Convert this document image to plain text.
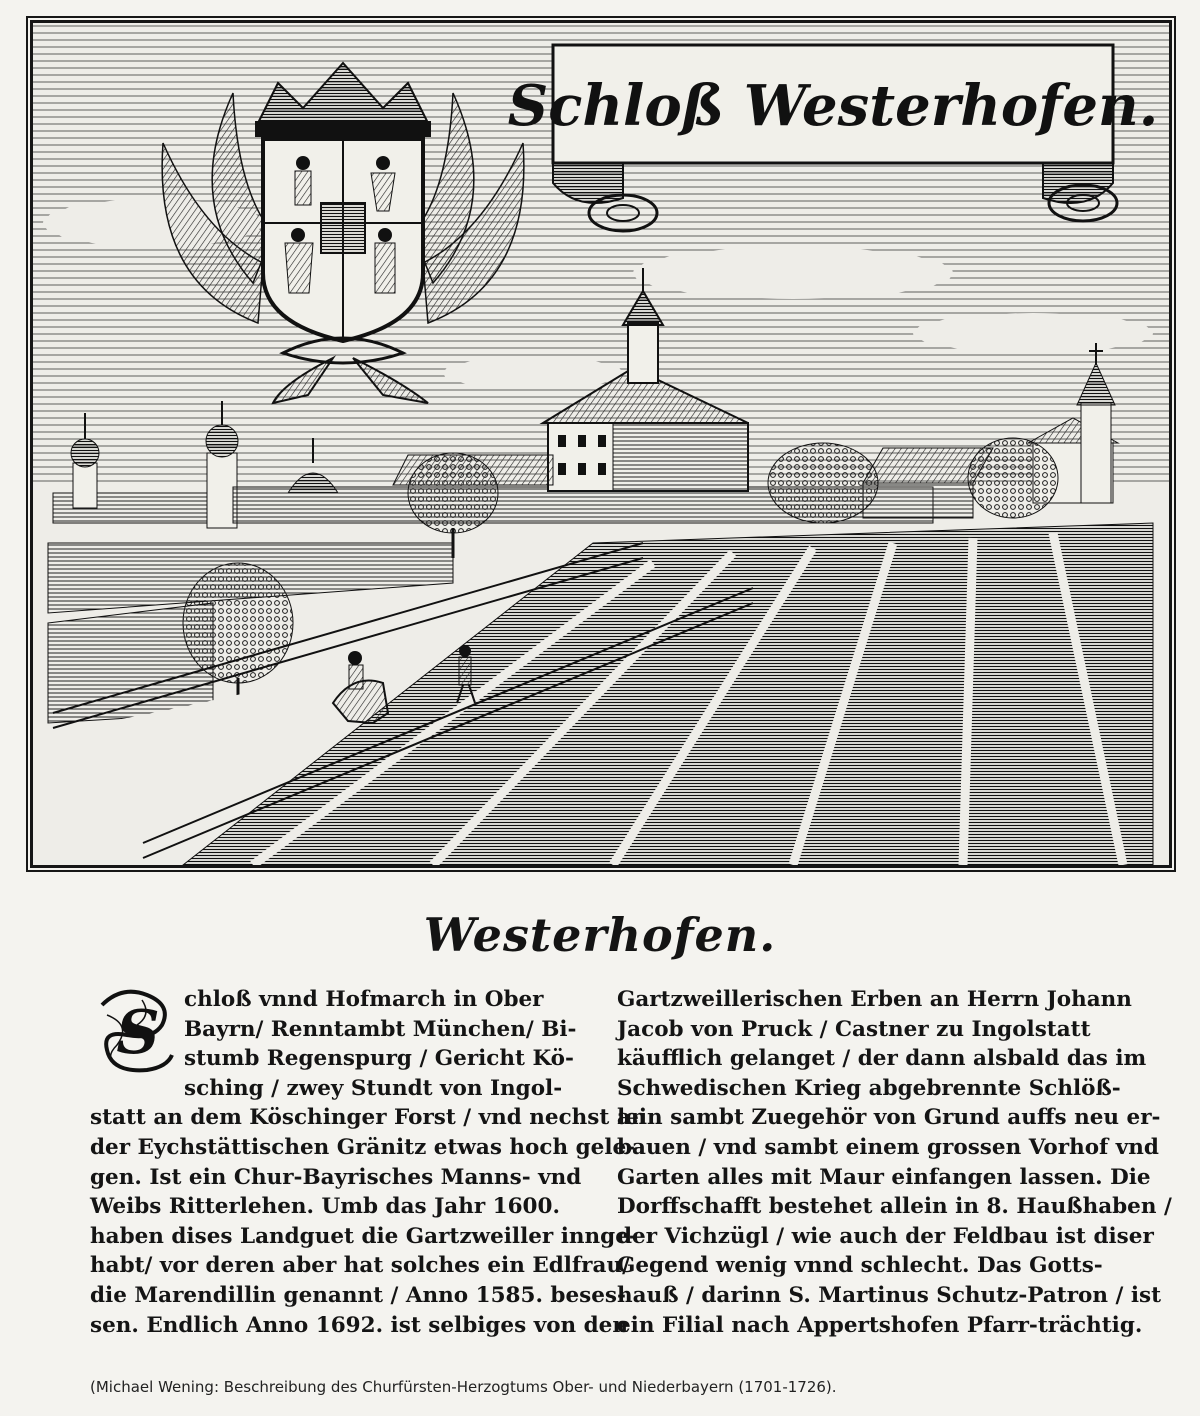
Schloß Westerhofen.
Westerhofen.
S	chloß vnnd Hofmarch in Ober
Bayrn/ Renntambt München/ Bi-
stumb Regenspurg / Gericht Kö-
sching / zwey Stundt von Ingol-
statt an dem Köschinger Forst / vnd nechst an
der Eychstättischen Gränitz etwas hoch gele-
gen. Ist ein Chur-Bayrisches Manns- vnd
Weibs Ritterlehen. Umb das Jahr 1600.
haben dises Landguet die Gartzweiller innge-
habt/ vor deren aber hat solches ein Edlfrau/
die Marendillin genannt / Anno 1585. beses-
sen. Endlich Anno 1692. ist selbiges von den
Gartzweillerischen Erben an Herrn Johann
Jacob von Pruck / Castner zu Ingolstatt
käufflich gelanget / der dann alsbald das im
Schwedischen Krieg abgebrennte Schlöß-
lein sambt Zuegehör von Grund auffs neu er-
bauen / vnd sambt einem grossen Vorhof vnd
Garten alles mit Maur einfangen lassen. Die
Dorffschafft bestehet allein in 8. Haußhaben /
der Vichzügl / wie auch der Feldbau ist diser
Gegend wenig vnnd schlecht. Das Gotts-
hauß / darinn S. Martinus Schutz-Patron / ist
ein Filial nach Appertshofen Pfarr-trächtig.
(Michael Wening: Beschreibung des Churfürsten-Herzogtums Ober- und Niederbayern (1701-1726).
